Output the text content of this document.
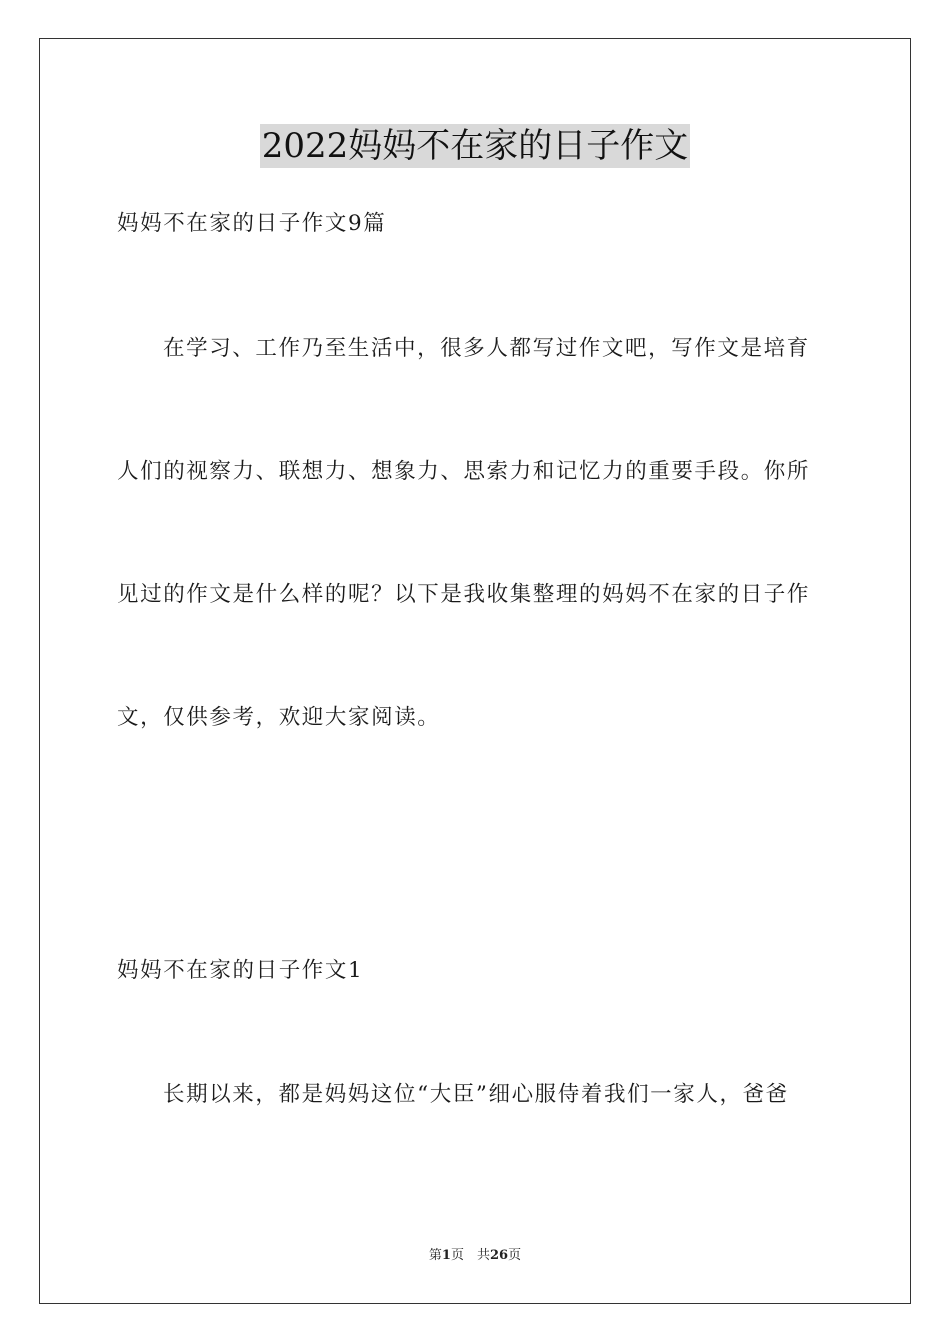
2022妈妈不在家的日子作文
妈妈不在家的日子作文9篇
在学习、工作乃至生活中，很多人都写过作文吧，写作文是培育
人们的视察力、联想力、想象力、思索力和记忆力的重要手段。你所
见过的作文是什么样的呢？以下是我收集整理的妈妈不在家的日子作
文，仅供参考，欢迎大家阅读。
妈妈不在家的日子作文1
长期以来，都是妈妈这位“大臣”细心服侍着我们一家人，爸爸
第1页　共26页
